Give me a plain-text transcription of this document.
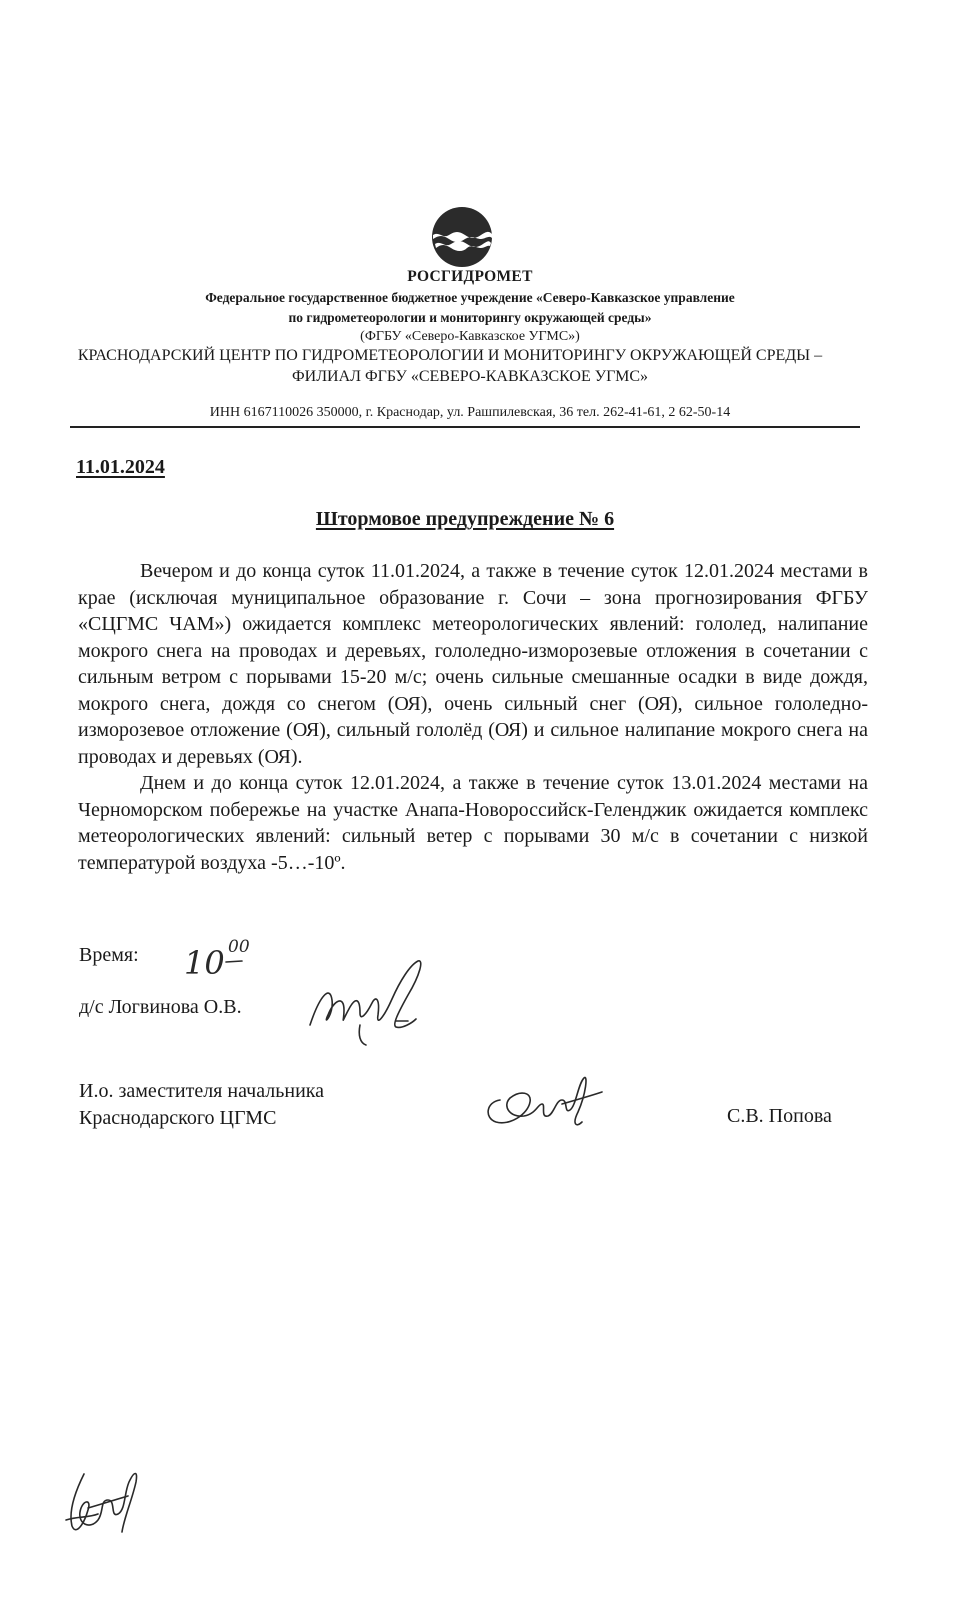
РОСГИДРОМЕТ
Федеральное государственное бюджетное учреждение «Северо-Кавказское управление
по гидрометеорологии и мониторингу окружающей среды»
(ФГБУ «Северо-Кавказское УГМС»)
КРАСНОДАРСКИЙ ЦЕНТР ПО ГИДРОМЕТЕОРОЛОГИИ И МОНИТОРИНГУ ОКРУЖАЮЩЕЙ СРЕДЫ –
ФИЛИАЛ ФГБУ «СЕВЕРО-КАВКАЗСКОЕ УГМС»
ИНН 6167110026 350000, г. Краснодар, ул. Рашпилевская, 36 тел. 262-41-61, 2 62-50-14
11.01.2024
Штормовое предупреждение № 6

Вечером и до конца суток 11.01.2024, а также в течение суток 12.01.2024 местами в крае (исключая муниципальное образование г. Сочи – зона прогнозирования ФГБУ «СЦГМС ЧАМ») ожидается комплекс метеорологических явлений: гололед, налипание мокрого снега на проводах и деревьях, гололедно-изморозевые отложения в сочетании с сильным ветром с порывами 15-20 м/с; очень сильные смешанные осадки в виде дождя, мокрого снега, дождя со снегом (ОЯ), очень сильный снег (ОЯ), сильное гололедно-изморозевое отложение (ОЯ), сильный гололёд (ОЯ) и сильное налипание мокрого снега на проводах и деревьях (ОЯ).

Днем и до конца суток 12.01.2024, а также в течение суток 13.01.2024 местами на Черноморском побережье на участке Анапа-Новороссийск-Геленджик ожидается комплекс метеорологических явлений: сильный ветер с порывами 30 м/с в сочетании с низкой температурой воздуха -5…-10º.

Время: 10 00
д/с Логвинова О.В.
И.о. заместителя начальника
Краснодарского ЦГМС	С.В. Попова
